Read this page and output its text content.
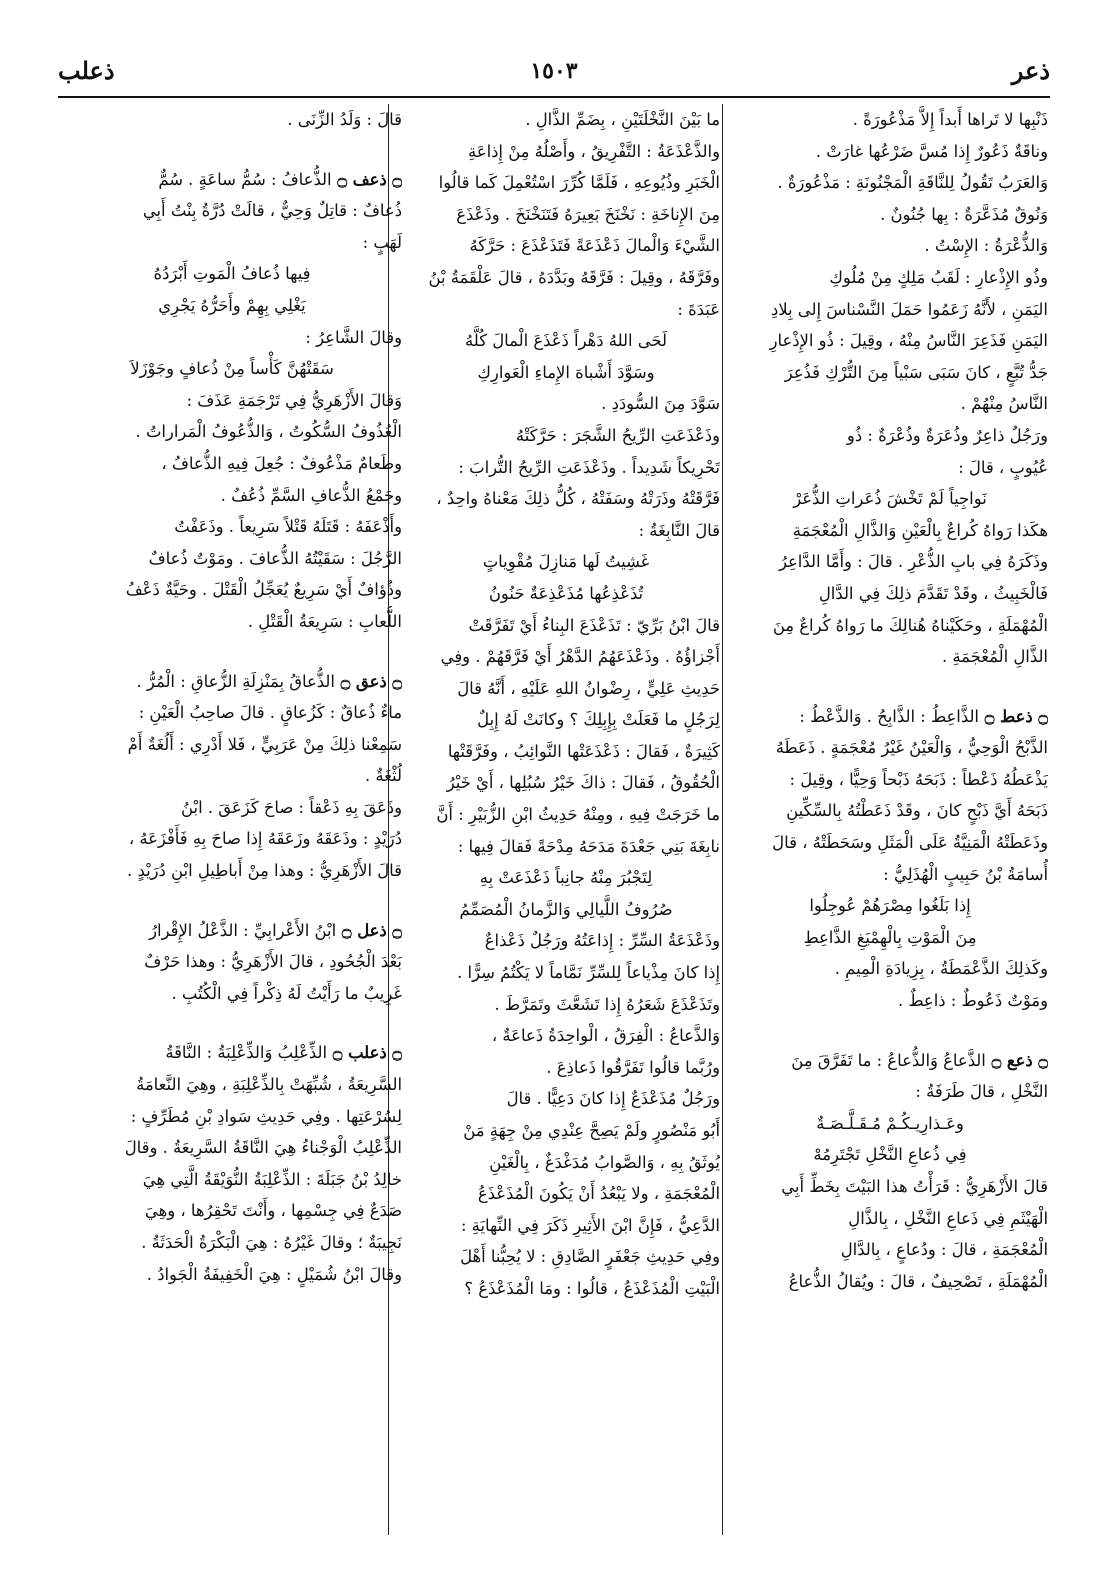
ذعر
١٥٠٣
ذعلب
ذَنْبِها لا تَراها أَبداً إِلاَّ مَذْعُورَةً .
وناقَةٌ ذَعُورٌ إِذا مُسَّ ضَرْعُها غارَتْ .
وَالعَرَبُ تَقُولُ لِلنَّاقَةِ الْمَجْنُونَةِ : مَذْعُورَةٌ .
وَنُوقٌ مُذَعَّرَةٌ : بِها جُنُونٌ .
وَالذُّعْرَةُ : الإِسْتُ .
وذُو الإِذْعارِ : لَقَبُ مَلِكٍ مِنْ مُلُوكِ
اليَمَنِ ، لأَنَّهُ زَعَمُوا حَمَلَ النَّسْناسَ إِلى بِلادِ
اليَمَنِ فَذَعِرَ النَّاسُ مِنْهُ ، وقِيلَ : ذُو الإِذْعارِ
جَدُّ تُبَّعٍ ، كانَ سَبَى سَبْياً مِنَ التُّرْكِ فَذُعِرَ
النَّاسُ مِنْهُمْ .
ورَجُلٌ ذاعِرٌ وذُعَرَةٌ وذُعْرَةٌ : ذُو
عُيُوبٍ ، قالَ :
نَواجِياً لَمْ تَخْشَ ذُعَراتِ الذُّعَرْ
هكَذا رَواهُ كُراعٌ بِالْعَيْنِ وَالذَّالِ الْمُعْجَمَةِ
وذَكَرَهُ فِي بابِ الذُّعْرِ . قالَ : وأَمَّا الدَّاعِرُ
فَالْخَبِيثُ ، وقَدْ تَقَدَّمَ ذلِكَ فِي الدَّالِ
الْمُهْمَلَةِ ، وحَكَيْناهُ هُنالِكَ ما رَواهُ كُراعٌ مِنَ
الذَّالِ الْمُعْجَمَةِ .
۝ ذعط ۝ الذَّاعِطُ : الذَّابِحُ . وَالذَّعْطُ :
الذَّبْحُ الْوَحِيُّ ، وَالْعَيْنُ غَيْرُ مُعْجَمَةٍ . ذَعَطَهُ
يَذْعَطُهُ ذَعْطاً : ذَبَحَهُ ذَبْحاً وَحِيًّا ، وقِيلَ :
ذَبَحَهُ أَيَّ ذَبْحٍ كانَ ، وقَدْ ذَعَطْتُهُ بِالسِّكِّينِ
وذَعَطَتْهُ الْمَنِيَّةُ عَلَى الْمَثَلِ وسَحَطَتْهُ ، قالَ
أُسامَةُ بْنُ حَبِيبٍ الْهُذَلِيُّ :
إِذا بَلَغُوا مِصْرَهُمْ عُوجِلُوا
مِنَ الْمَوْتِ بِالْهِمْيَغِ الذَّاعِطِ
وكَذلِكَ الذَّعْمَطَةُ ، بِزِيادَةِ الْمِيمِ .
ومَوْتٌ ذَعُوطٌ : ذاعِطٌ .
۝ ذعع ۝ الذَّعاعُ وَالذُّعاعُ : ما تَفَرَّقَ مِنَ
النَّخْلِ ، قالَ طَرَفَةُ :
وعَـذارِيـكُـمْ مُـقَـلَّـصَـةٌ
فِي ذُعاعِ النَّخْلِ تَجْتَرِمُهْ
قالَ الأَزْهَرِيُّ : قَرَأْتُ هذا البَيْتَ بِخَطِّ أَبِي
الْهَيْثَمِ فِي ذَعاعِ النَّخْلِ ، بِالذَّالِ
الْمُعْجَمَةِ ، قالَ : ودُعاعٍ ، بِالدَّالِ
الْمُهْمَلَةِ ، تَصْحِيفٌ ، قالَ : ويُقالُ الذُّعاعُ
ما بَيْنَ النَّخْلَتَيْنِ ، بِضَمِّ الذَّالِ .
والذَّعْذَعَةُ : التَّفْرِيقُ ، وأَصْلُهُ مِنْ إِذاعَةِ
الْخَبَرِ وذُيُوعِهِ ، فَلَمَّا كُرِّرَ اسْتُعْمِلَ كَما قالُوا
مِنَ الإِناخَةِ : نَخْنَخَ بَعِيرَهُ فَتَنَخْنَخَ . وذَعْذَعَ
الشَّيْءَ وَالْمالَ ذَعْذَعَةً فَتَذَعْذَعَ : حَرَّكَهُ
وفَرَّقَهُ ، وقِيلَ : فَرَّقَهُ وبَدَّدَهُ ، قالَ عَلْقَمَةُ بْنُ
عَبَدَةَ :
لَحَى اللهُ دَهْراً ذَعْذَعَ الْمالَ كُلَّهُ
وسَوَّدَ أَشْباهَ الإِماءِ الْعَوارِكِ
سَوَّدَ مِنَ السُّودَدِ .
وذَعْذَعَتِ الرِّيحُ الشَّجَرَ : حَرَّكَتْهُ
تَحْرِيكاً شَدِيداً . وذَعْذَعَتِ الرِّيحُ التُّرابَ :
فَرَّقَتْهُ وذَرَتْهُ وسَفَتْهُ ، كُلُّ ذلِكَ مَعْناهُ واحِدٌ ،
قالَ النَّابِغَةُ :
غَشِيتُ لَها مَنازِلَ مُقْوِياتٍ
تُذَعْذِعُها مُذَعْذِعَةٌ حَنُونُ
قالَ ابْنُ بَرِّيّ : تَذَعْذَعَ البِناءُ أَيْ تَفَرَّقَتْ
أَجْزاؤُهُ . وذَعْذَعَهُمُ الدَّهْرُ أَيْ فَرَّقَهُمْ . وفِي
حَدِيثِ عَلِيٍّ ، رِضْوانُ اللهِ عَلَيْهِ ، أَنَّهُ قالَ
لِرَجُلٍ ما فَعَلَتْ بِإِبِلِكَ ؟ وكانَتْ لَهُ إِبِلٌ
كَثِيرَةٌ ، فَقالَ : ذَعْذَعَتْها النَّوائِبُ ، وفَرَّقَتْها
الْحُقُوقُ ، فَقالَ : ذاكَ خَيْرُ سُبُلِها ، أَيْ خَيْرُ
ما خَرَجَتْ فِيهِ ، ومِنْهُ حَدِيثُ ابْنِ الزُّبَيْرِ : أَنَّ
نابِغَةَ بَنِي جَعْدَةَ مَدَحَهُ مِدْحَةً فَقالَ فِيها :
لِتَجْبُرَ مِنْهُ جانِباً ذَعْذَعَتْ بِهِ
صُرُوفُ اللَّيالِي وَالزَّمانُ الْمُصَمِّمُ
وذَعْذَعَةُ السِّرِّ : إِذاعَتُهُ ورَجُلٌ ذَعْذاعٌ
إِذا كانَ مِذْياعاً لِلسِّرِّ نَمَّاماً لا يَكْتُمُ سِرًّا .
وتَذَعْذَعَ شَعَرُهُ إِذا تَشَعَّثَ وتَمَرَّطَ .
وَالذَّعاعُ : الْفِرَقُ ، الْواحِدَةُ ذَعاعَةٌ ،
ورُبَّما قالُوا تَفَرَّقُوا ذَعاذِعَ .
ورَجُلٌ مُذَعْذَعٌ إِذا كانَ دَعِيًّا . قالَ
أَبُو مَنْصُورٍ ولَمْ يَصِحَّ عِنْدِي مِنْ جِهَةٍ مَنْ
يُوثَقُ بِهِ ، وَالصَّوابُ مُدَغْدَغٌ ، بِالْغَيْنِ
الْمُعْجَمَةِ ، ولا يَبْعُدُ أَنْ يَكُونَ الْمُذَعْذَعُ
الدَّعِيُّ ، فَإِنَّ ابْنَ الأَثِيرِ ذَكَرَ فِي النِّهايَةِ :
وفِي حَدِيثِ جَعْفَرٍ الصَّادِقِ : لا يُحِبُّنا أَهْلَ
الْبَيْتِ الْمُذَعْذَعُ ، قالُوا : ومَا الْمُذَعْذَعُ ؟
قالَ : وَلَدُ الزِّنَى .
۝ ذعف ۝ الذُّعافُ : سُمُّ ساعَةٍ . سُمٌّ
ذُعافٌ : قاتِلٌ وَحِيٌّ ، قالَتْ دُرَّةُ بِنْتُ أَبِي
لَهَبٍ :
فِيها ذُعافُ الْمَوتِ أَبْرَدُهُ
يَغْلِي بِهِمْ وأَحَرُّهُ يَجْرِي
وقالَ الشَّاعِرُ :
سَقَتْهُنَّ كَأْساً مِنْ ذُعافٍ وجَوْزَلاَ
وَقالَ الأَزْهَرِيُّ فِي تَرْجَمَةِ عَذَفَ :
الْعُذُوفُ السُّكُوتُ ، وَالذُّعُوفُ الْمَراراتُ .
وطَعامٌ مَذْعُوفٌ : جُعِلَ فِيهِ الذُّعافُ ،
وجَمْعُ الذُّعافِ السَّمِّ ذُعُفٌ .
وأَذْعَفَهُ : قَتَلَهُ قَتْلاً سَرِيعاً . وذَعَفْتُ
الرَّجُلَ : سَقَيْتُهُ الذُّعافَ . ومَوْتٌ ذُعافٌ
وذُؤافٌ أَيْ سَرِيعٌ يُعَجِّلُ الْقَتْلَ . وحَيَّةٌ ذَعْفُ
اللُّعابِ : سَرِيعَةُ الْقَتْلِ .
۝ ذعق ۝ الذُّعاقُ بِمَنْزِلَةِ الزُّعاقِ : الْمُرُّ .
ماءٌ ذُعاقٌ : كَزُعاقٍ . قالَ صاحِبُ الْعَيْنِ :
سَمِعْنا ذلِكَ مِنْ عَرَبِيٍّ ، فَلا أَدْرِي : أَلُغَةٌ أَمْ
لُثْغَةٌ .
وذَعَقَ بِهِ ذَعْقاً : صاحَ كَزَعَقَ . ابْنُ
دُرَيْدٍ : وذَعَقَهُ وزَعَقَهُ إِذا صاحَ بِهِ فَأَفْزَعَهُ ،
قالَ الأَزْهَرِيُّ : وهذا مِنْ أَباطِيلِ ابْنِ دُرَيْدٍ .
۝ ذعل ۝ ابْنُ الأَعْرابِيِّ : الذَّعْلُ الإِقْرارُ
بَعْدَ الْجُحُودِ ، قالَ الأَزْهَرِيُّ : وهذا حَرْفٌ
غَرِيبٌ ما رَأَيْتُ لَهُ ذِكْراً فِي الْكُتُبِ .
۝ ذعلب ۝ الذِّعْلِبُ وَالذِّعْلِبَةُ : النَّاقَةُ
السَّرِيعَةُ ، شُبِّهَتْ بِالذِّعْلِبَةِ ، وهِيَ النَّعامَةُ
لِسُرْعَتِها . وفِي حَدِيثِ سَوادِ بْنِ مُطَرِّفٍ :
الذِّعْلِبُ الْوَجْناءُ هِيَ النَّاقَةُ السَّرِيعَةُ . وقالَ
خالِدُ بْنُ جَبَلَةَ : الذِّعْلِبَةُ النُّوَيْقَةُ الَّتِي هِيَ
صَدَعٌ فِي جِسْمِها ، وأَنْتَ تَحْقِرُها ، وهِيَ
نَجِيبَةٌ ؛ وقالَ غَيْرُهُ : هِيَ الْبَكْرَةُ الْحَدَثَةُ .
وقالَ ابْنُ شُمَيْلٍ : هِيَ الْخَفِيفَةُ الْجَوادُ .
